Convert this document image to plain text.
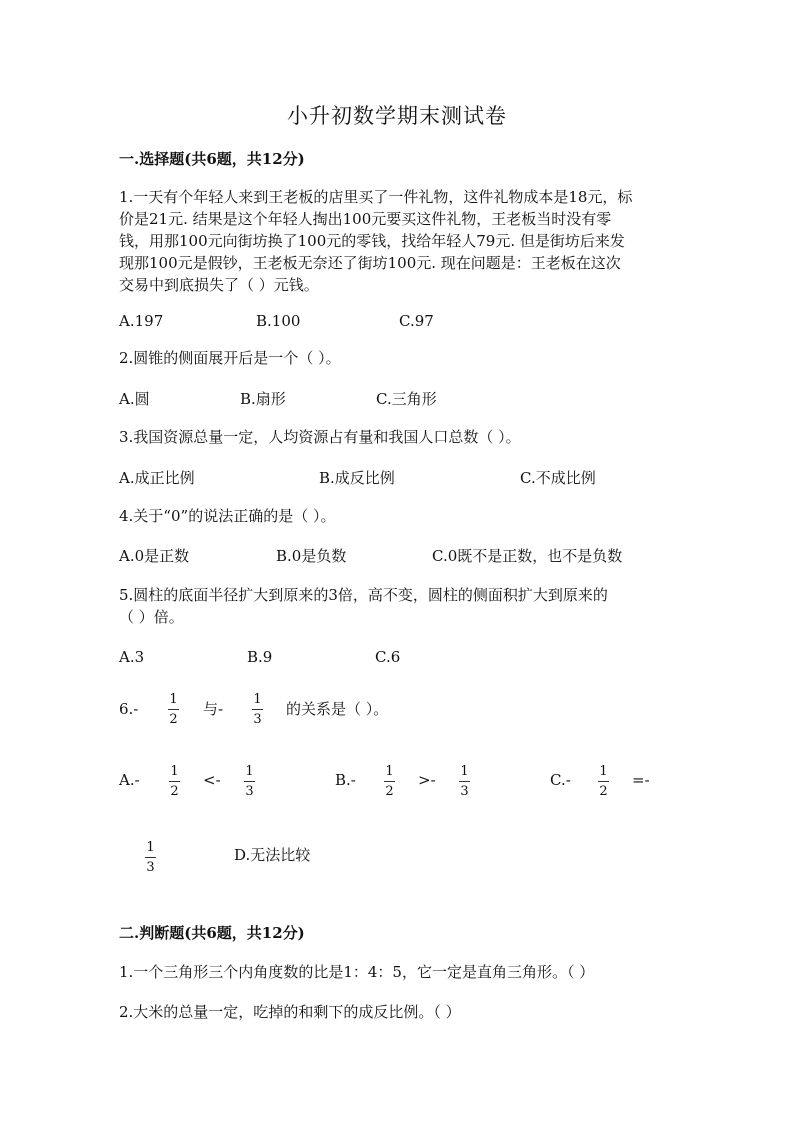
小升初数学期末测试卷
一.选择题(共6题，共12分)
1.一天有个年轻人来到王老板的店里买了一件礼物，这件礼物成本是18元，标
价是21元. 结果是这个年轻人掏出100元要买这件礼物，王老板当时没有零
钱，用那100元向街坊换了100元的零钱，找给年轻人79元. 但是街坊后来发
现那100元是假钞，王老板无奈还了街坊100元. 现在问题是：王老板在这次
交易中到底损失了（ ）元钱。
A.197	B.100	C.97
2.圆锥的侧面展开后是一个（ ）。
A.圆	B.扇形	C.三角形
3.我国资源总量一定，人均资源占有量和我国人口总数（ ）。
A.成正比例	B.成反比例	C.不成比例
4.关于“0”的说法正确的是（ ）。
A.0是正数	B.0是负数	C.0既不是正数，也不是负数
5.圆柱的底面半径扩大到原来的3倍，高不变，圆柱的侧面积扩大到原来的
（ ）倍。
A.3	B.9	C.6
6.-
1
2
与-
1
3
的关系是（ ）。
A.- 1
2
<- 1
3
B.- 1
2
>- 1
3
C.- 1
2
=-
1
3
D.无法比较
二.判断题(共6题，共12分)
1.一个三角形三个内角度数的比是1：4：5，它一定是直角三角形。（ ）
2.大米的总量一定，吃掉的和剩下的成反比例。（ ）
